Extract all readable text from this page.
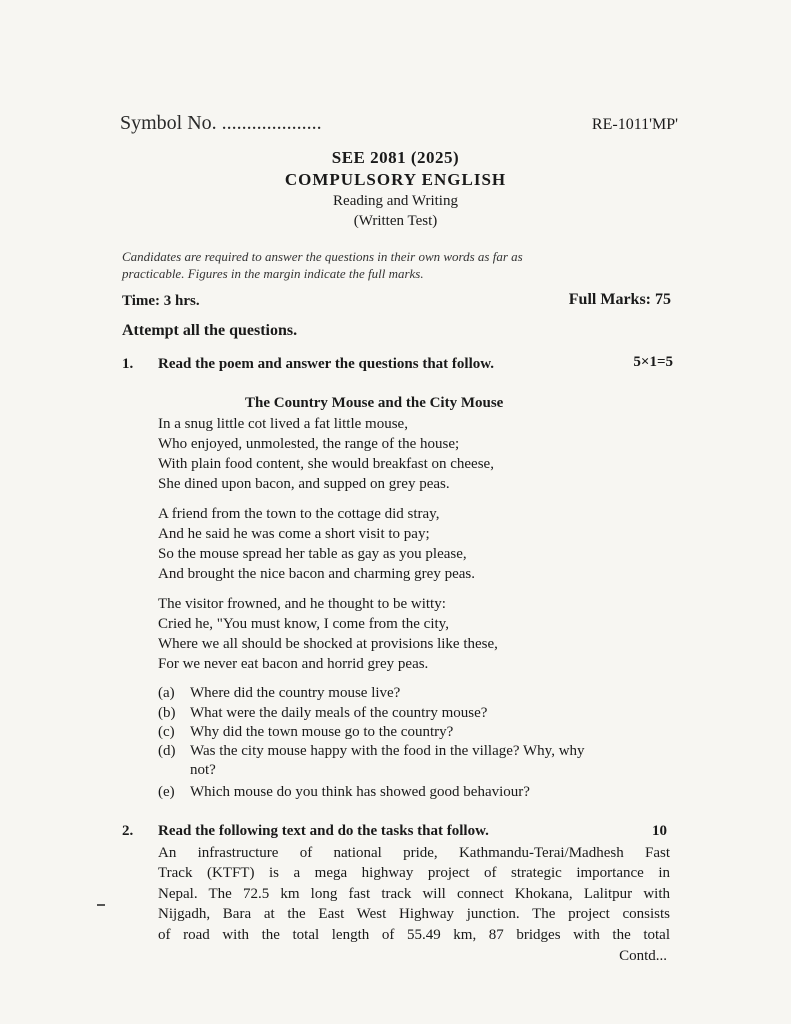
Symbol No. ....................	RE-1011'MP'
SEE 2081 (2025)
COMPULSORY ENGLISH
Reading and Writing
(Written Test)
Candidates are required to answer the questions in their own words as far as
practicable. Figures in the margin indicate the full marks.
Time: 3 hrs.	Full Marks: 75
Attempt all the questions.
1. Read the poem and answer the questions that follow.	5×1=5
The Country Mouse and the City Mouse
In a snug little cot lived a fat little mouse,
Who enjoyed, unmolested, the range of the house;
With plain food content, she would breakfast on cheese,
She dined upon bacon, and supped on grey peas.
A friend from the town to the cottage did stray,
And he said he was come a short visit to pay;
So the mouse spread her table as gay as you please,
And brought the nice bacon and charming grey peas.
The visitor frowned, and he thought to be witty:
Cried he, "You must know, I come from the city,
Where we all should be shocked at provisions like these,
For we never eat bacon and horrid grey peas.
(a) Where did the country mouse live?
(b) What were the daily meals of the country mouse?
(c) Why did the town mouse go to the country?
(d) Was the city mouse happy with the food in the village? Why, why
not?
(e) Which mouse do you think has showed good behaviour?
2. Read the following text and do the tasks that follow.	10
An infrastructure of national pride, Kathmandu-Terai/Madhesh Fast
Track (KTFT) is a mega highway project of strategic importance in
Nepal. The 72.5 km long fast track will connect Khokana, Lalitpur with
Nijgadh, Bara at the East West Highway junction. The project consists
of road with the total length of 55.49 km, 87 bridges with the total
Contd...
